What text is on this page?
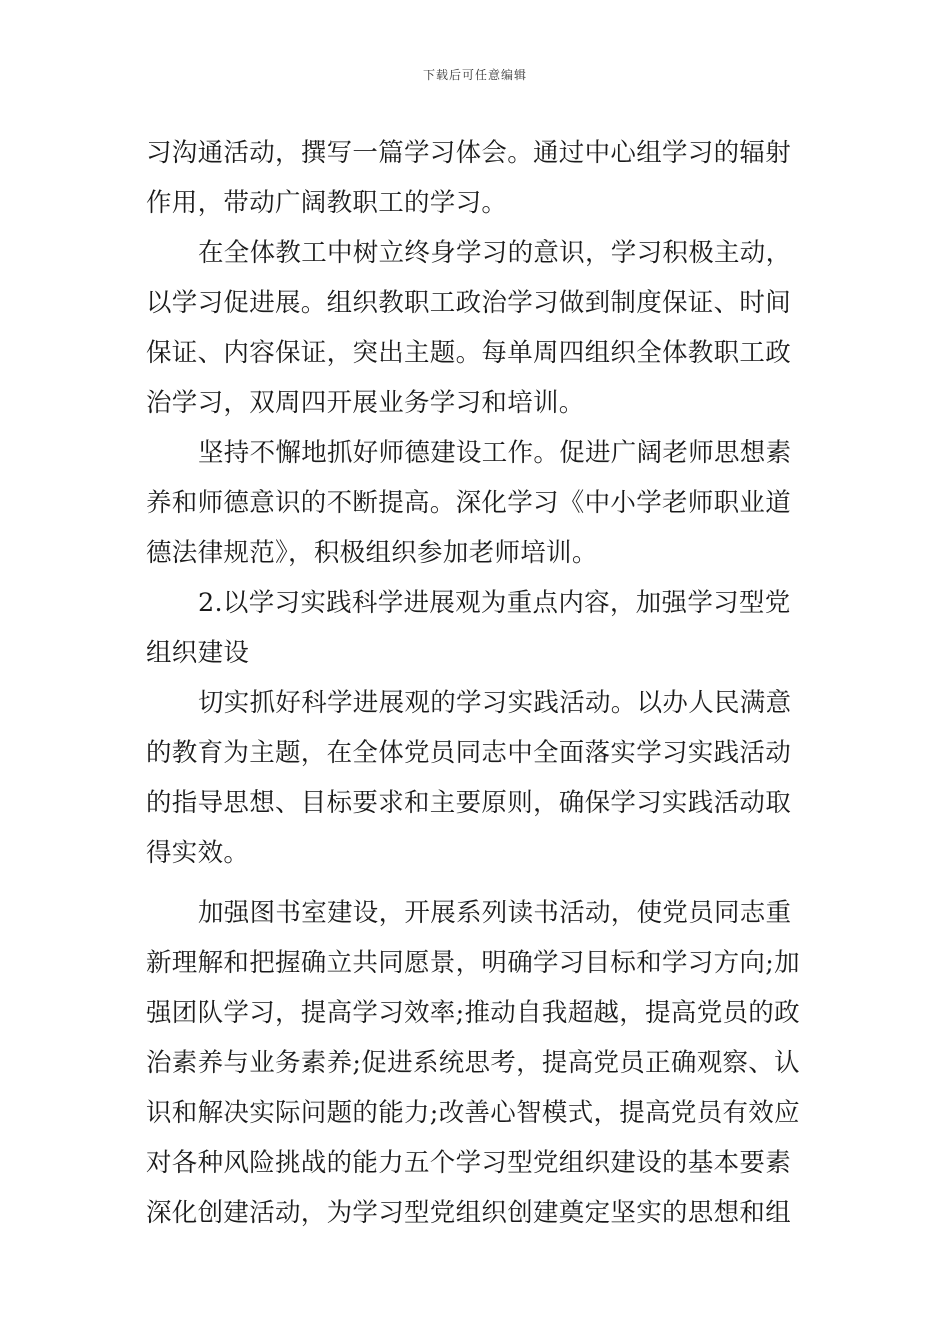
下载后可任意编辑
习沟通活动，撰写一篇学习体会。通过中心组学习的辐射
作用，带动广阔教职工的学习。
在全体教工中树立终身学习的意识，学习积极主动，
以学习促进展。组织教职工政治学习做到制度保证、时间
保证、内容保证，突出主题。每单周四组织全体教职工政
治学习，双周四开展业务学习和培训。
坚持不懈地抓好师德建设工作。促进广阔老师思想素
养和师德意识的不断提高。深化学习《中小学老师职业道
德法律规范》，积极组织参加老师培训。
2.以学习实践科学进展观为重点内容，加强学习型党
组织建设
切实抓好科学进展观的学习实践活动。以办人民满意
的教育为主题，在全体党员同志中全面落实学习实践活动
的指导思想、目标要求和主要原则，确保学习实践活动取
得实效。
加强图书室建设，开展系列读书活动，使党员同志重
新理解和把握确立共同愿景，明确学习目标和学习方向;加
强团队学习，提高学习效率;推动自我超越，提高党员的政
治素养与业务素养;促进系统思考，提高党员正确观察、认
识和解决实际问题的能力;改善心智模式，提高党员有效应
对各种风险挑战的能力五个学习型党组织建设的基本要素
深化创建活动，为学习型党组织创建奠定坚实的思想和组
